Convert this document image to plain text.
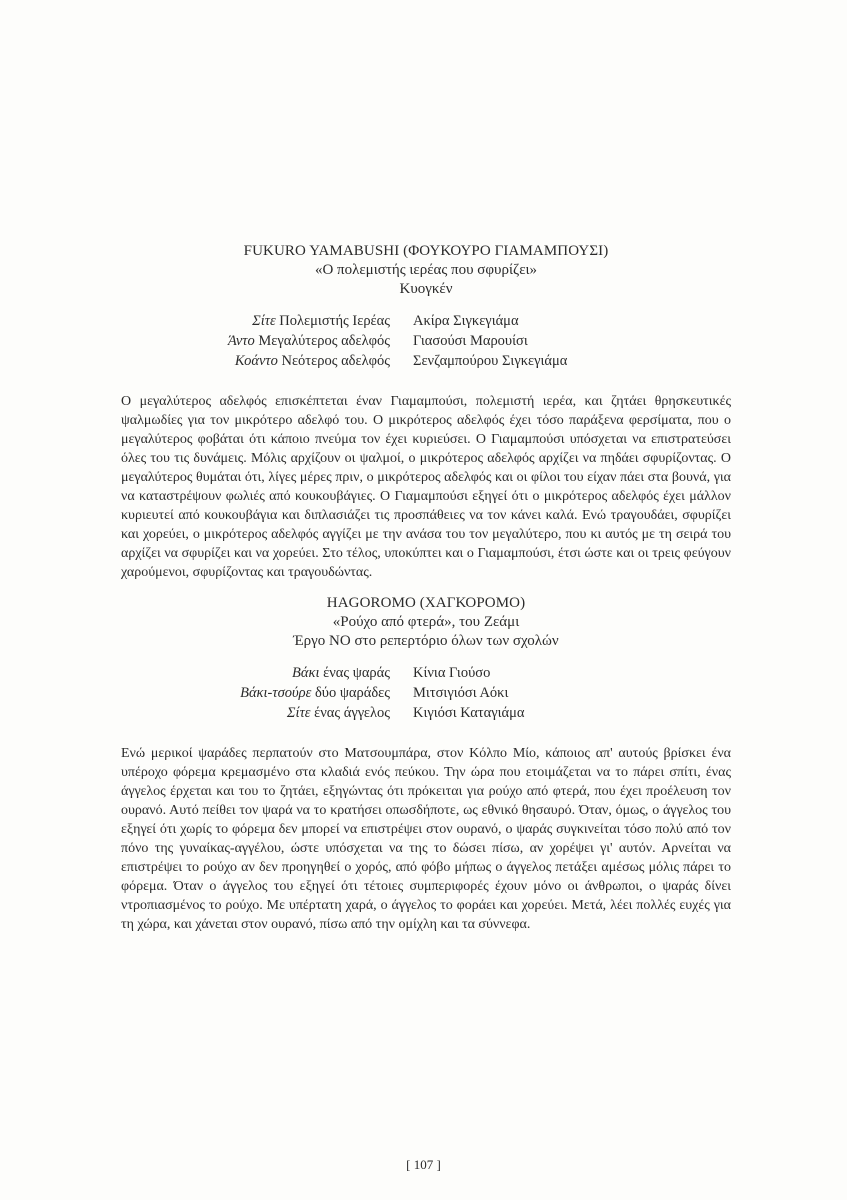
FUKURO YAMABUSHI (ΦΟΥΚΟΥΡΟ ΓΙΑΜΑΜΠΟΥΣΙ)

«Ο πολεμιστής ιερέας που σφυρίζει»

Κυογκέν

Σίτε Πολεμιστής Ιερέας	Ακίρα Σιγκεγιάμα
Άντο Μεγαλύτερος αδελφός	Γιασούσι Μαρουίσι
Κοάντο Νεότερος αδελφός	Σενζαμπούρου Σιγκεγιάμα

Ο μεγαλύτερος αδελφός επισκέπτεται έναν Γιαμαμπούσι, πολεμιστή ιερέα, και ζητάει θρησκευτικές ψαλμωδίες για τον μικρότερο αδελφό του. Ο μικρότερος αδελφός έχει τόσο παράξενα φερσίματα, που ο μεγαλύτερος φοβάται ότι κάποιο πνεύμα τον έχει κυριεύσει. Ο Γιαμαμπούσι υπόσχεται να επιστρατεύσει όλες του τις δυνάμεις. Μόλις αρχίζουν οι ψαλμοί, ο μικρότερος αδελφός αρχίζει να πηδάει σφυρίζοντας. Ο μεγαλύτερος θυμάται ότι, λίγες μέρες πριν, ο μικρότερος αδελφός και οι φίλοι του είχαν πάει στα βουνά, για να καταστρέψουν φωλιές από κουκουβάγιες. Ο Γιαμαμπούσι εξηγεί ότι ο μικρότερος αδελφός έχει μάλλον κυριευτεί από κουκουβάγια και διπλασιάζει τις προσπάθειες να τον κάνει καλά. Ενώ τραγουδάει, σφυρίζει και χορεύει, ο μικρότερος αδελφός αγγίζει με την ανάσα του τον μεγαλύτερο, που κι αυτός με τη σειρά του αρχίζει να σφυρίζει και να χορεύει. Στο τέλος, υποκύπτει και ο Γιαμαμπούσι, έτσι ώστε και οι τρεις φεύγουν χαρούμενοι, σφυρίζοντας και τραγουδώντας.

HAGOROMO (ΧΑΓΚΟΡΟΜΟ)

«Ρούχο από φτερά», του Ζεάμι

Έργο ΝΟ στο ρεπερτόριο όλων των σχολών

Βάκι ένας ψαράς	Κίνια Γιούσο
Βάκι-τσούρε δύο ψαράδες	Μιτσιγιόσι Αόκι
Σίτε ένας άγγελος	Κιγιόσι Καταγιάμα

Ενώ μερικοί ψαράδες περπατούν στο Ματσουμπάρα, στον Κόλπο Μίο, κάποιος απ' αυτούς βρίσκει ένα υπέροχο φόρεμα κρεμασμένο στα κλαδιά ενός πεύκου. Την ώρα που ετοιμάζεται να το πάρει σπίτι, ένας άγγελος έρχεται και του το ζητάει, εξηγώντας ότι πρόκειται για ρούχο από φτερά, που έχει προέλευση τον ουρανό. Αυτό πείθει τον ψαρά να το κρατήσει οπωσδήποτε, ως εθνικό θησαυρό. Όταν, όμως, ο άγγελος του εξηγεί ότι χωρίς το φόρεμα δεν μπορεί να επιστρέψει στον ουρανό, ο ψαράς συγκινείται τόσο πολύ από τον πόνο της γυναίκας-αγγέλου, ώστε υπόσχεται να της το δώσει πίσω, αν χορέψει γι' αυτόν. Αρνείται να επιστρέψει το ρούχο αν δεν προηγηθεί ο χορός, από φόβο μήπως ο άγγελος πετάξει αμέσως μόλις πάρει το φόρεμα. Όταν ο άγγελος του εξηγεί ότι τέτοιες συμπεριφορές έχουν μόνο οι άνθρωποι, ο ψαράς δίνει ντροπιασμένος το ρούχο. Με υπέρτατη χαρά, ο άγγελος το φοράει και χορεύει. Μετά, λέει πολλές ευχές για τη χώρα, και χάνεται στον ουρανό, πίσω από την ομίχλη και τα σύννεφα.

[ 107 ]
